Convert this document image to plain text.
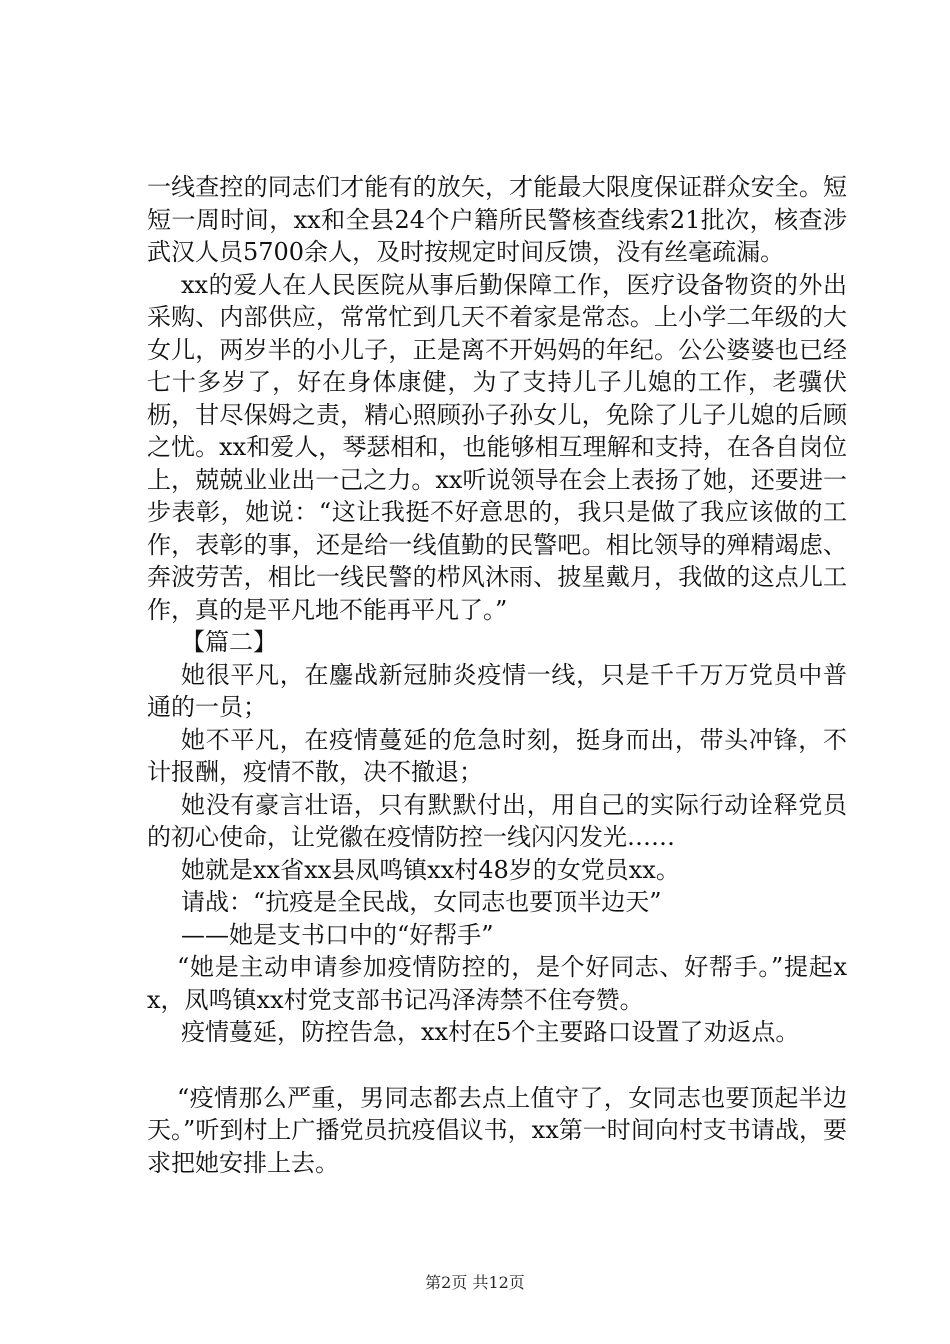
一线查控的同志们才能有的放矢，才能最大限度保证群众安全。短短一周时间，xx和全县24个户籍所民警核查线索21批次，核查涉武汉人员5700余人，及时按规定时间反馈，没有丝毫疏漏。

xx的爱人在人民医院从事后勤保障工作，医疗设备物资的外出采购、内部供应，常常忙到几天不着家是常态。上小学二年级的大女儿，两岁半的小儿子，正是离不开妈妈的年纪。公公婆婆也已经七十多岁了，好在身体康健，为了支持儿子儿媳的工作，老骥伏枥，甘尽保姆之责，精心照顾孙子孙女儿，免除了儿子儿媳的后顾之忧。xx和爱人，琴瑟相和，也能够相互理解和支持，在各自岗位上，兢兢业业出一己之力。xx听说领导在会上表扬了她，还要进一步表彰，她说：“这让我挺不好意思的，我只是做了我应该做的工作，表彰的事，还是给一线值勤的民警吧。相比领导的殚精竭虑、奔波劳苦，相比一线民警的栉风沐雨、披星戴月，我做的这点儿工作，真的是平凡地不能再平凡了。”

【篇二】

她很平凡，在鏖战新冠肺炎疫情一线，只是千千万万党员中普通的一员；

她不平凡，在疫情蔓延的危急时刻，挺身而出，带头冲锋，不计报酬，疫情不散，决不撤退；

她没有豪言壮语，只有默默付出，用自己的实际行动诠释党员的初心使命，让党徽在疫情防控一线闪闪发光……

她就是xx省xx县凤鸣镇xx村48岁的女党员xx。

请战：“抗疫是全民战，女同志也要顶半边天”

——她是支书口中的“好帮手”

“她是主动申请参加疫情防控的，是个好同志、好帮手。”提起xx，凤鸣镇xx村党支部书记冯泽涛禁不住夸赞。

疫情蔓延，防控告急，xx村在5个主要路口设置了劝返点。

“疫情那么严重，男同志都去点上值守了，女同志也要顶起半边天。”听到村上广播党员抗疫倡议书，xx第一时间向村支书请战，要求把她安排上去。

第2页 共12页
